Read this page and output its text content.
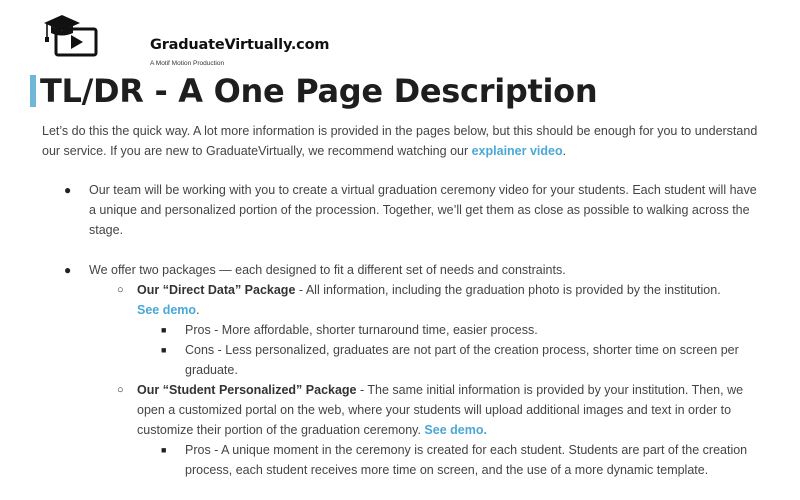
GraduateVirtually.com
A Motif Motion Production
TL/DR - A One Page Description
Let’s do this the quick way. A lot more information is provided in the pages below, but this should be enough for you to understand our service. If you are new to GraduateVirtually, we recommend watching our explainer video.
● Our team will be working with you to create a virtual graduation ceremony video for your students. Each student will have a unique and personalized portion of the procession. Together, we’ll get them as close as possible to walking across the stage.
● We offer two packages — each designed to fit a different set of needs and constraints.
○ Our “Direct Data” Package - All information, including the graduation photo is provided by the institution. See demo.
■ Pros - More affordable, shorter turnaround time, easier process.
■ Cons - Less personalized, graduates are not part of the creation process, shorter time on screen per graduate.
○ Our “Student Personalized” Package - The same initial information is provided by your institution. Then, we open a customized portal on the web, where your students will upload additional images and text in order to customize their portion of the graduation ceremony. See demo.
■ Pros - A unique moment in the ceremony is created for each student. Students are part of the creation process, each student receives more time on screen, and the use of a more dynamic template.
